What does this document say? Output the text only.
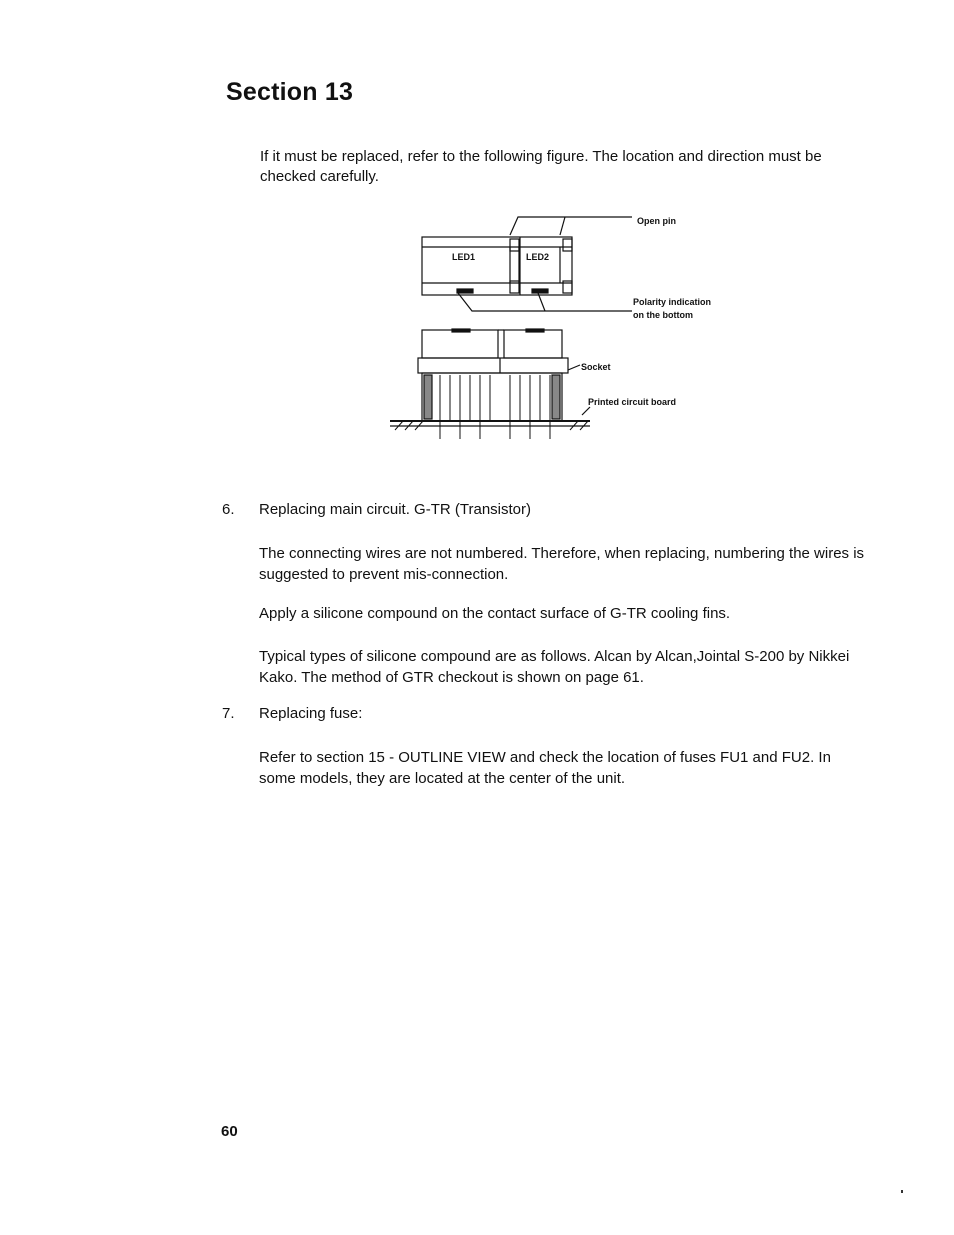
Section 13
If it must be replaced, refer to the following figure. The location and direction must be checked carefully.
Open pin
LED1	LED2
Polarity indication
on the bottom
Socket
Printed circuit board
6.	Replacing main circuit. G-TR (Transistor)
The connecting wires are not numbered. Therefore, when replacing, numbering the wires is suggested to prevent mis-connection.
Apply a silicone compound on the contact surface of G-TR cooling fins.
Typical types of silicone compound are as follows. Alcan by Alcan,Jointal S-200 by Nikkei Kako. The method of GTR checkout is shown on page 61.
7.	Replacing fuse:
Refer to section 15 - OUTLINE VIEW and check the location of fuses FU1 and FU2. In some models, they are located at the center of the unit.
60
